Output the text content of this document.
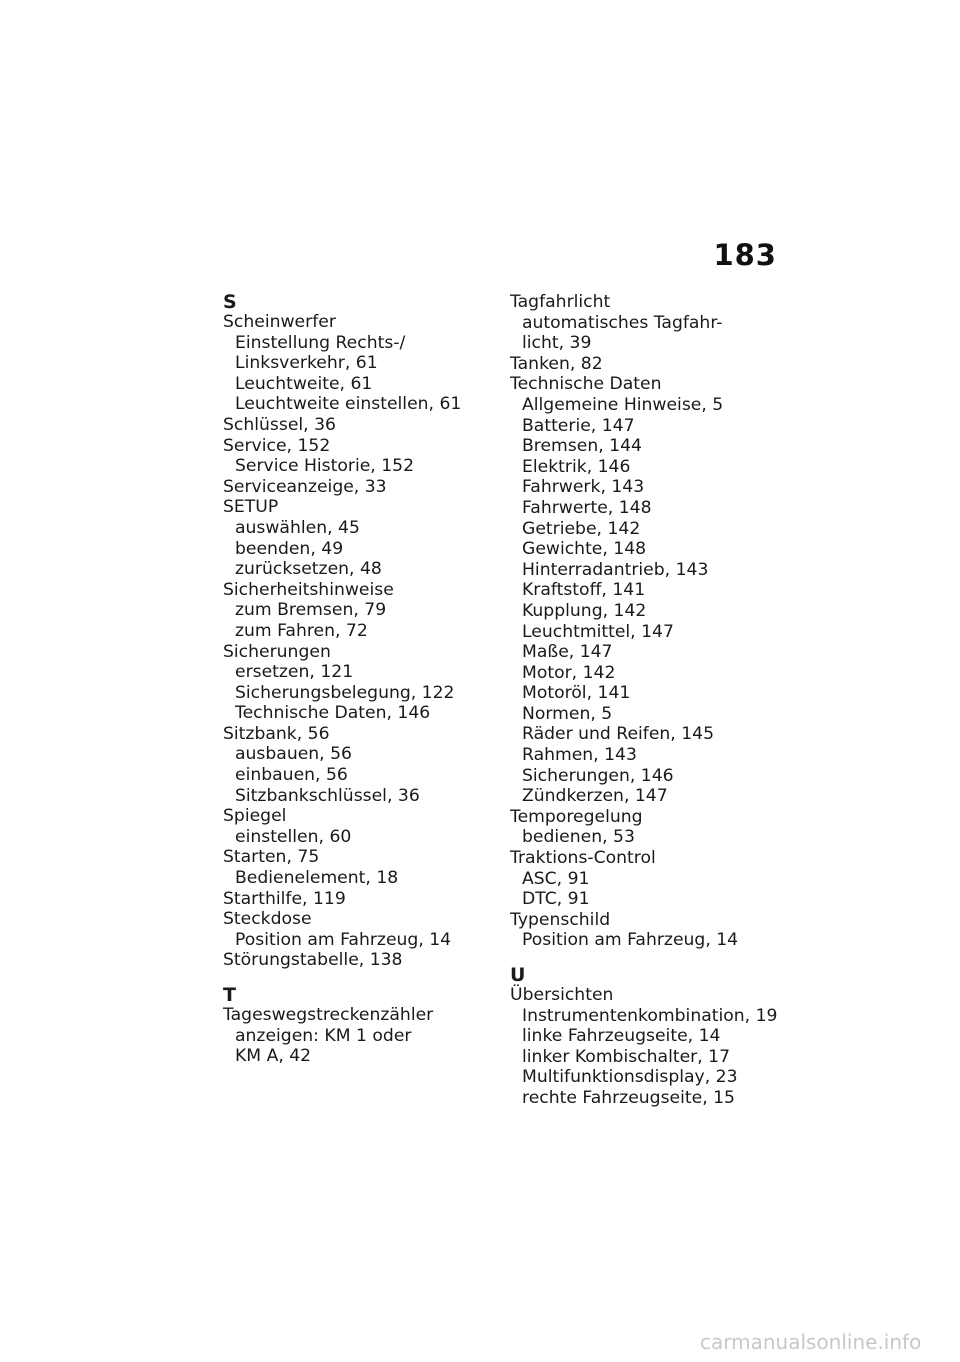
183
S
Scheinwerfer
Einstellung Rechts-/
Linksverkehr, 61
Leuchtweite, 61
Leuchtweite einstellen, 61
Schlüssel, 36
Service, 152
Service Historie, 152
Serviceanzeige, 33
SETUP
auswählen, 45
beenden, 49
zurücksetzen, 48
Sicherheitshinweise
zum Bremsen, 79
zum Fahren, 72
Sicherungen
ersetzen, 121
Sicherungsbelegung, 122
Technische Daten, 146
Sitzbank, 56
ausbauen, 56
einbauen, 56
Sitzbankschlüssel, 36
Spiegel
einstellen, 60
Starten, 75
Bedienelement, 18
Starthilfe, 119
Steckdose
Position am Fahrzeug, 14
Störungstabelle, 138
T
Tageswegstreckenzähler
anzeigen: KM 1 oder
KM A, 42
Tagfahrlicht
automatisches Tagfahr-
licht, 39
Tanken, 82
Technische Daten
Allgemeine Hinweise, 5
Batterie, 147
Bremsen, 144
Elektrik, 146
Fahrwerk, 143
Fahrwerte, 148
Getriebe, 142
Gewichte, 148
Hinterradantrieb, 143
Kraftstoff, 141
Kupplung, 142
Leuchtmittel, 147
Maße, 147
Motor, 142
Motoröl, 141
Normen, 5
Räder und Reifen, 145
Rahmen, 143
Sicherungen, 146
Zündkerzen, 147
Temporegelung
bedienen, 53
Traktions-Control
ASC, 91
DTC, 91
Typenschild
Position am Fahrzeug, 14
U
Übersichten
Instrumentenkombination, 19
linke Fahrzeugseite, 14
linker Kombischalter, 17
Multifunktionsdisplay, 23
rechte Fahrzeugseite, 15
carmanualsonline.info
